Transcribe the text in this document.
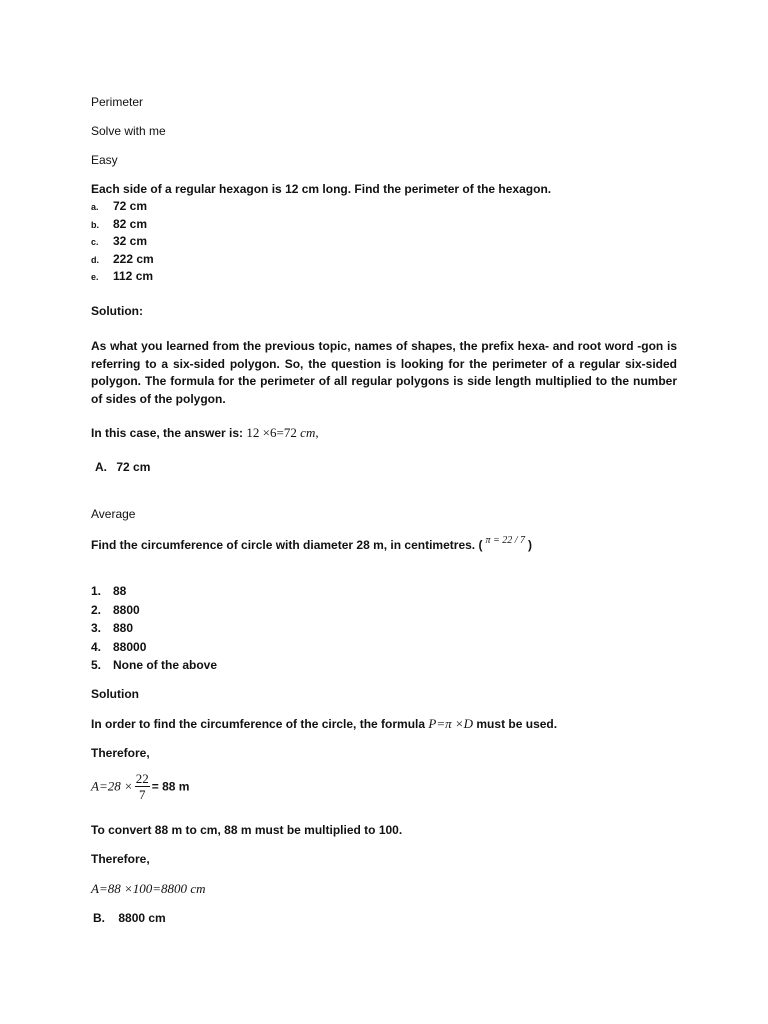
Perimeter
Solve with me
Easy
Each side of a regular hexagon is 12 cm long. Find the perimeter of the hexagon.
a. 72 cm
b. 82 cm
c. 32 cm
d. 222 cm
e. 112 cm
Solution:
As what you learned from the previous topic, names of shapes, the prefix hexa- and root word -gon is referring to a six-sided polygon. So, the question is looking for the perimeter of a regular six-sided polygon. The formula for the perimeter of all regular polygons is side length multiplied to the number of sides of the polygon.
In this case, the answer is: 12 ×6=72 cm,
A. 72 cm
Average
Find the circumference of circle with diameter 28 m, in centimetres. ( $^{\pi = 22 / 7}$ )
1. 88
2. 8800
3. 880
4. 88000
5. None of the above
Solution
In order to find the circumference of the circle, the formula P=π ×D must be used.
Therefore,
$A=28 \times \frac{22}{7} = 88$ m
To convert 88 m to cm, 88 m must be multiplied to 100.
Therefore,
A=88 ×100=8800 cm
B. 8800 cm
